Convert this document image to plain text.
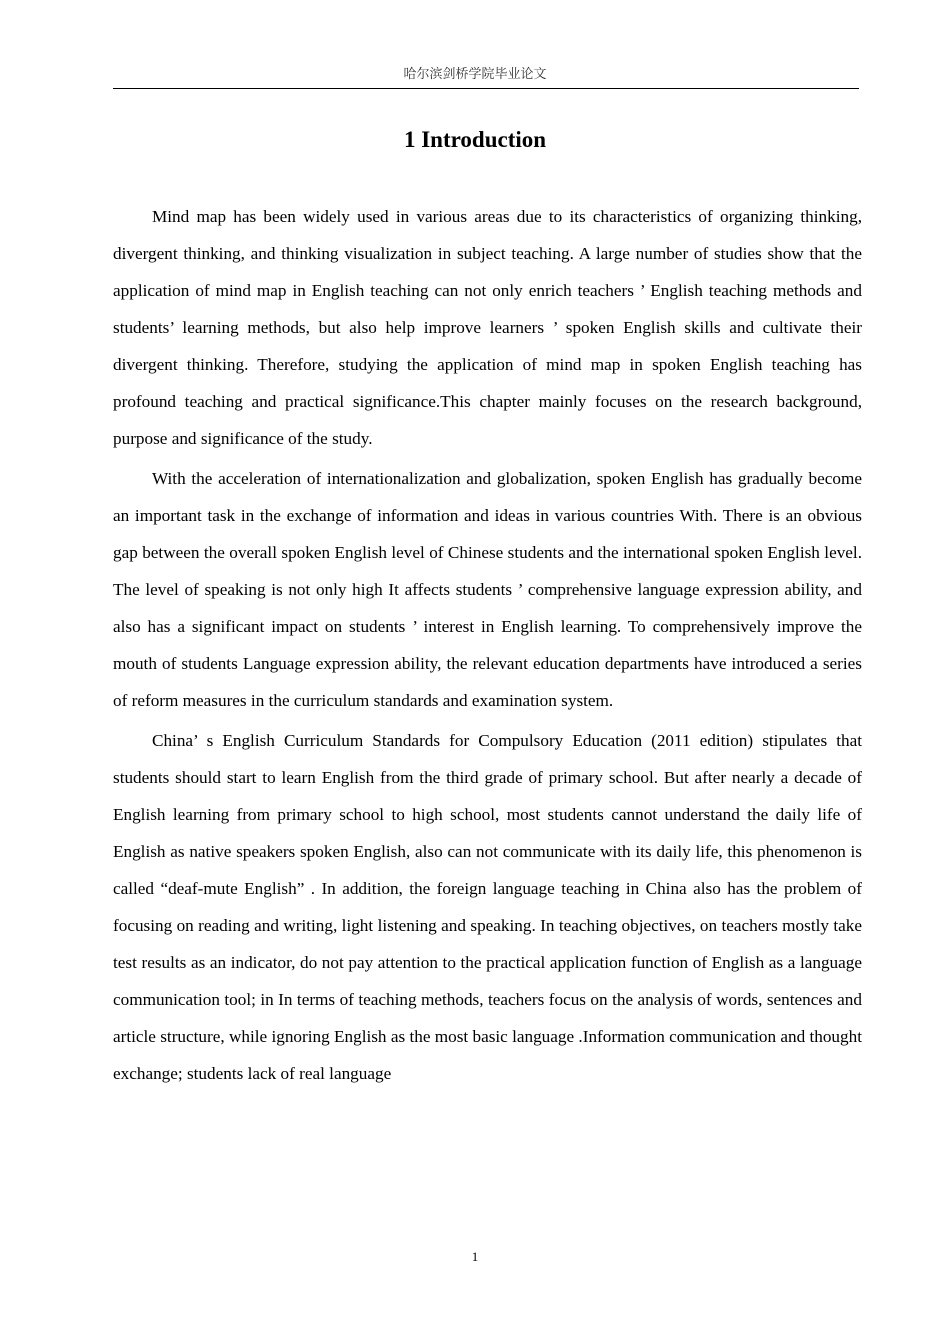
哈尔滨剑桥学院毕业论文
1 Introduction

Mind map has been widely used in various areas due to its characteristics of organizing thinking, divergent thinking, and thinking visualization in subject teaching. A large number of studies show that the application of mind map in English teaching can not only enrich teachers ’ English teaching methods and students’ learning methods, but also help improve learners ’ spoken English skills and cultivate their divergent thinking. Therefore, studying the application of mind map in spoken English teaching has profound teaching and practical significance.This chapter mainly focuses on the research background, purpose and significance of the study.

With the acceleration of internationalization and globalization, spoken English has gradually become an important task in the exchange of information and ideas in various countries With. There is an obvious gap between the overall spoken English level of Chinese students and the international spoken English level. The level of speaking is not only high It affects students ’ comprehensive language expression ability, and also has a significant impact on students ’ interest in English learning. To comprehensively improve the mouth of students Language expression ability, the relevant education departments have introduced a series of reform measures in the curriculum standards and examination system.

China’ s English Curriculum Standards for Compulsory Education (2011 edition) stipulates that students should start to learn English from the third grade of primary school. But after nearly a decade of English learning from primary school to high school, most students cannot understand the daily life of English as native speakers spoken English, also can not communicate with its daily life, this phenomenon is called “deaf-mute English” . In addition, the foreign language teaching in China also has the problem of focusing on reading and writing, light listening and speaking. In teaching objectives, on teachers mostly take test results as an indicator, do not pay attention to the practical application function of English as a language communication tool; in In terms of teaching methods, teachers focus on the analysis of words, sentences and article structure, while ignoring English as the most basic language .Information communication and thought exchange; students lack of real language

1
